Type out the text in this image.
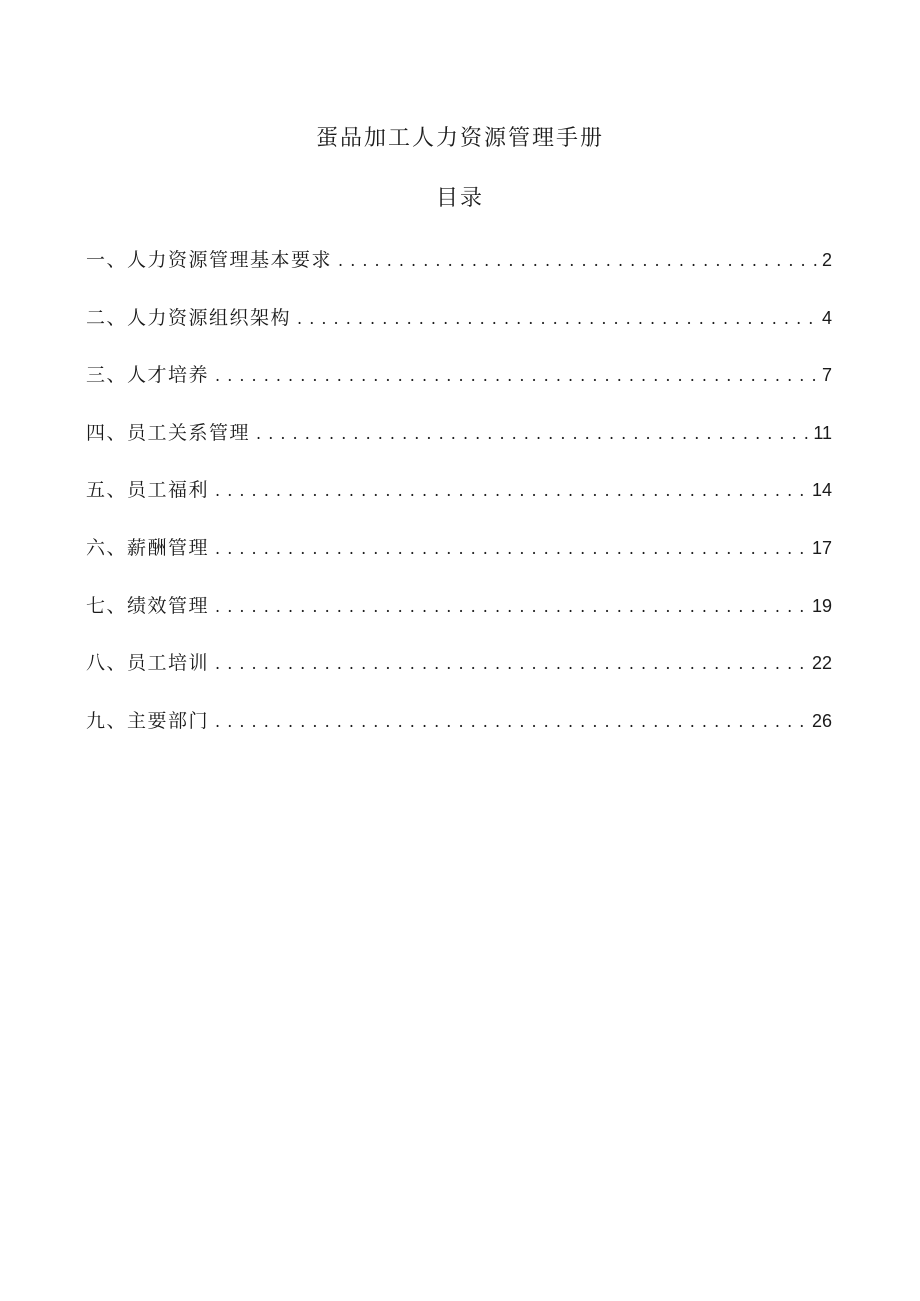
蛋品加工人力资源管理手册
目录
一、人力资源管理基本要求 . . .	2
二、人力资源组织架构 . . .	4
三、人才培养 . . .	7
四、员工关系管理 . . .	11
五、员工福利 . . .	14
六、薪酬管理 . . .	17
七、绩效管理 . . .	19
八、员工培训 . . .	22
九、主要部门 . . .	26
